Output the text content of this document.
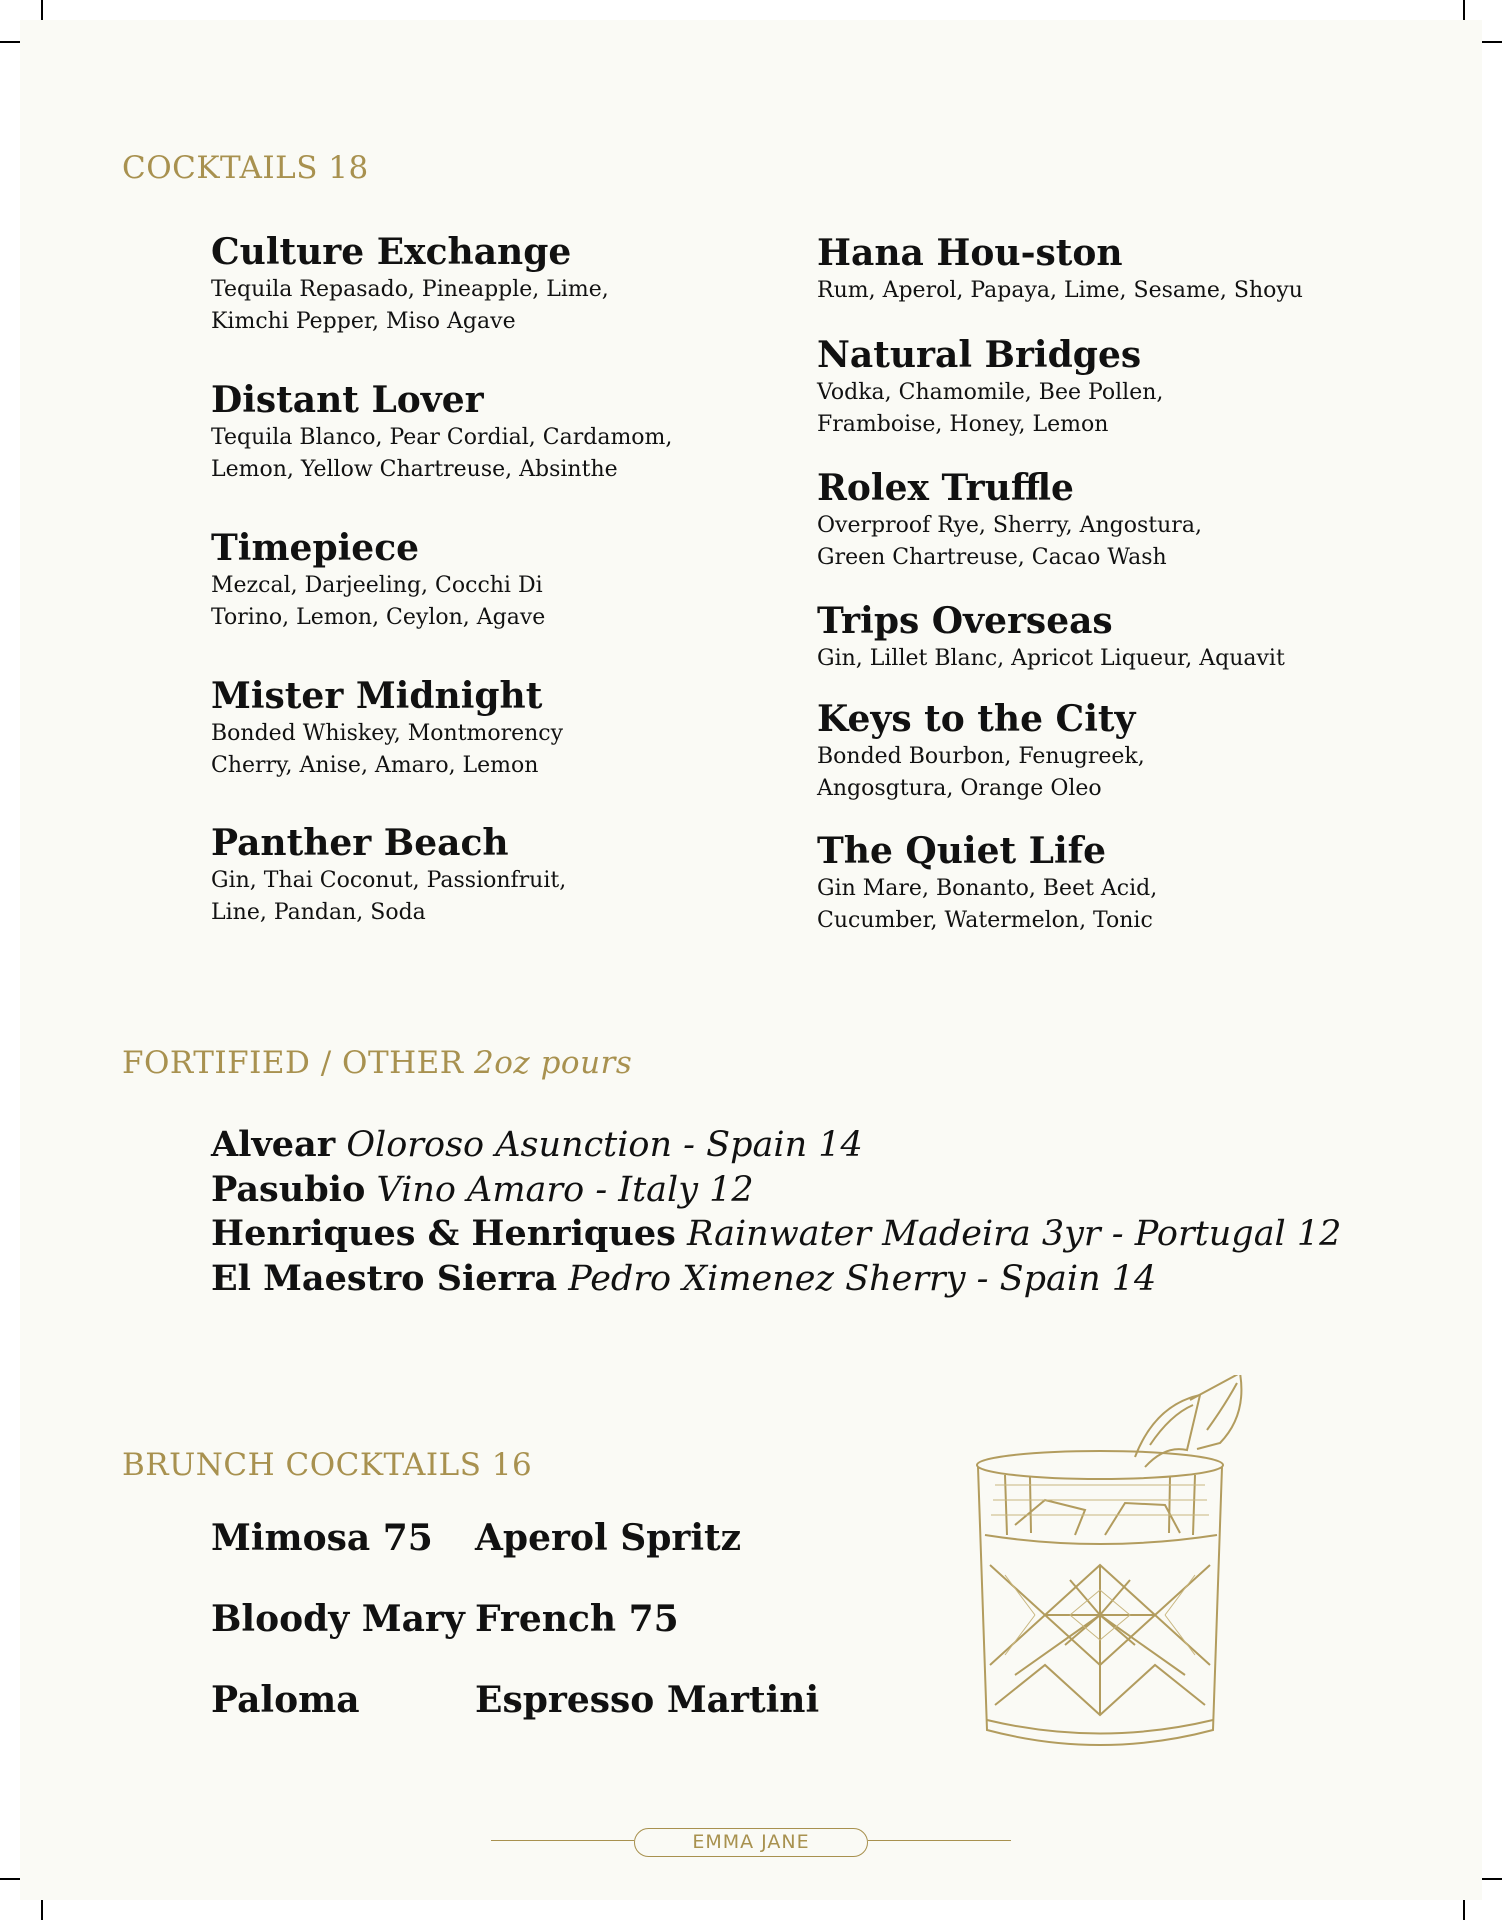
COCKTAILS 18
Culture Exchange
Tequila Repasado, Pineapple, Lime,
Kimchi Pepper, Miso Agave
Distant Lover
Tequila Blanco, Pear Cordial, Cardamom,
Lemon, Yellow Chartreuse, Absinthe
Timepiece
Mezcal, Darjeeling, Cocchi Di
Torino, Lemon, Ceylon, Agave
Mister Midnight
Bonded Whiskey, Montmorency
Cherry, Anise, Amaro, Lemon
Panther Beach
Gin, Thai Coconut, Passionfruit,
Line, Pandan, Soda
Hana Hou-ston
Rum, Aperol, Papaya, Lime, Sesame, Shoyu
Natural Bridges
Vodka, Chamomile, Bee Pollen,
Framboise, Honey, Lemon
Rolex Truffle
Overproof Rye, Sherry, Angostura,
Green Chartreuse, Cacao Wash
Trips Overseas
Gin, Lillet Blanc, Apricot Liqueur, Aquavit
Keys to the City
Bonded Bourbon, Fenugreek,
Angosgtura, Orange Oleo
The Quiet Life
Gin Mare, Bonanto, Beet Acid,
Cucumber, Watermelon, Tonic
FORTIFIED / OTHER 2oz pours
Alvear Oloroso Asunction - Spain 14
Pasubio Vino Amaro - Italy 12
Henriques & Henriques Rainwater Madeira 3yr - Portugal 12
El Maestro Sierra Pedro Ximenez Sherry - Spain 14
BRUNCH COCKTAILS 16
Mimosa 75
Bloody Mary
Paloma
Aperol Spritz
French 75
Espresso Martini
EMMA JANE
